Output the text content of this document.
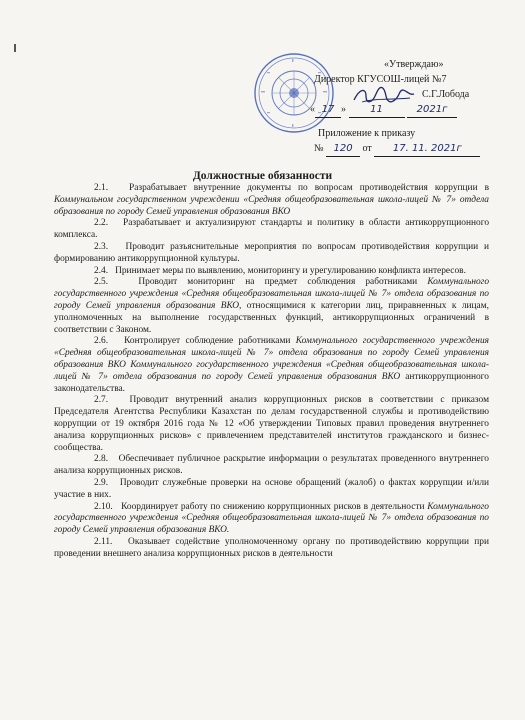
«Утверждаю»
Директор КГУСОШ-лицей №7
С.Г.Лобода
« 17 » 11	2021г
Приложение к приказу
№ 120 от 17. 11. 2021г
Должностные обязанности

2.1.   Разрабатывает внутренние документы по вопросам противодействия коррупции в Коммунальном государственном учреждении «Средняя общеобразовательная школа-лицей № 7» отдела образования по городу Семей управления образования ВКО

2.2.   Разрабатывает и актуализируют стандарты и политику в области антикоррупционного комплекса.

2.3.   Проводит разъяснительные мероприятия по вопросам противодействия коррупции и формированию антикоррупционной культуры.

2.4.   Принимает меры по выявлению, мониторингу и урегулированию конфликта интересов.

2.5.   Проводит мониторинг на предмет соблюдения работниками Коммунального государственного учреждения «Средняя общеобразовательная школа-лицей № 7» отдела образования по городу Семей управления образования ВКО, относящимися к категории лиц, приравненных к лицам, уполномоченных на выполнение государственных функций, антикоррупционных ограничений в соответствии с Законом.

2.6.   Контролирует соблюдение работниками Коммунального государственного учреждения «Средняя общеобразовательная школа-лицей № 7» отдела образования по городу Семей управления образования ВКО Коммунального государственного учреждения «Средняя общеобразовательная школа-лицей № 7» отдела образования по городу Семей управления образования ВКО антикоррупционного законодательства.

2.7.   Проводит внутренний анализ коррупционных рисков в соответствии с приказом Председателя Агентства Республики Казахстан по делам государственной службы и противодействию коррупции от 19 октября 2016 года № 12 «Об утверждении Типовых правил проведения внутреннего анализа коррупционных рисков» с привлечением представителей институтов гражданского и бизнес-сообщества.

2.8.   Обеспечивает публичное раскрытие информации о результатах проведенного внутреннего анализа коррупционных рисков.

2.9.   Проводит служебные проверки на основе обращений (жалоб) о фактах коррупции и/или участие в них.

2.10.   Координирует работу по снижению коррупционных рисков в деятельности Коммунального государственного учреждения «Средняя общеобразовательная школа-лицей № 7» отдела образования по городу Семей управления образования ВКО.

2.11.   Оказывает содействие уполномоченному органу по противодействию коррупции при проведении внешнего анализа коррупционных рисков в деятельности
